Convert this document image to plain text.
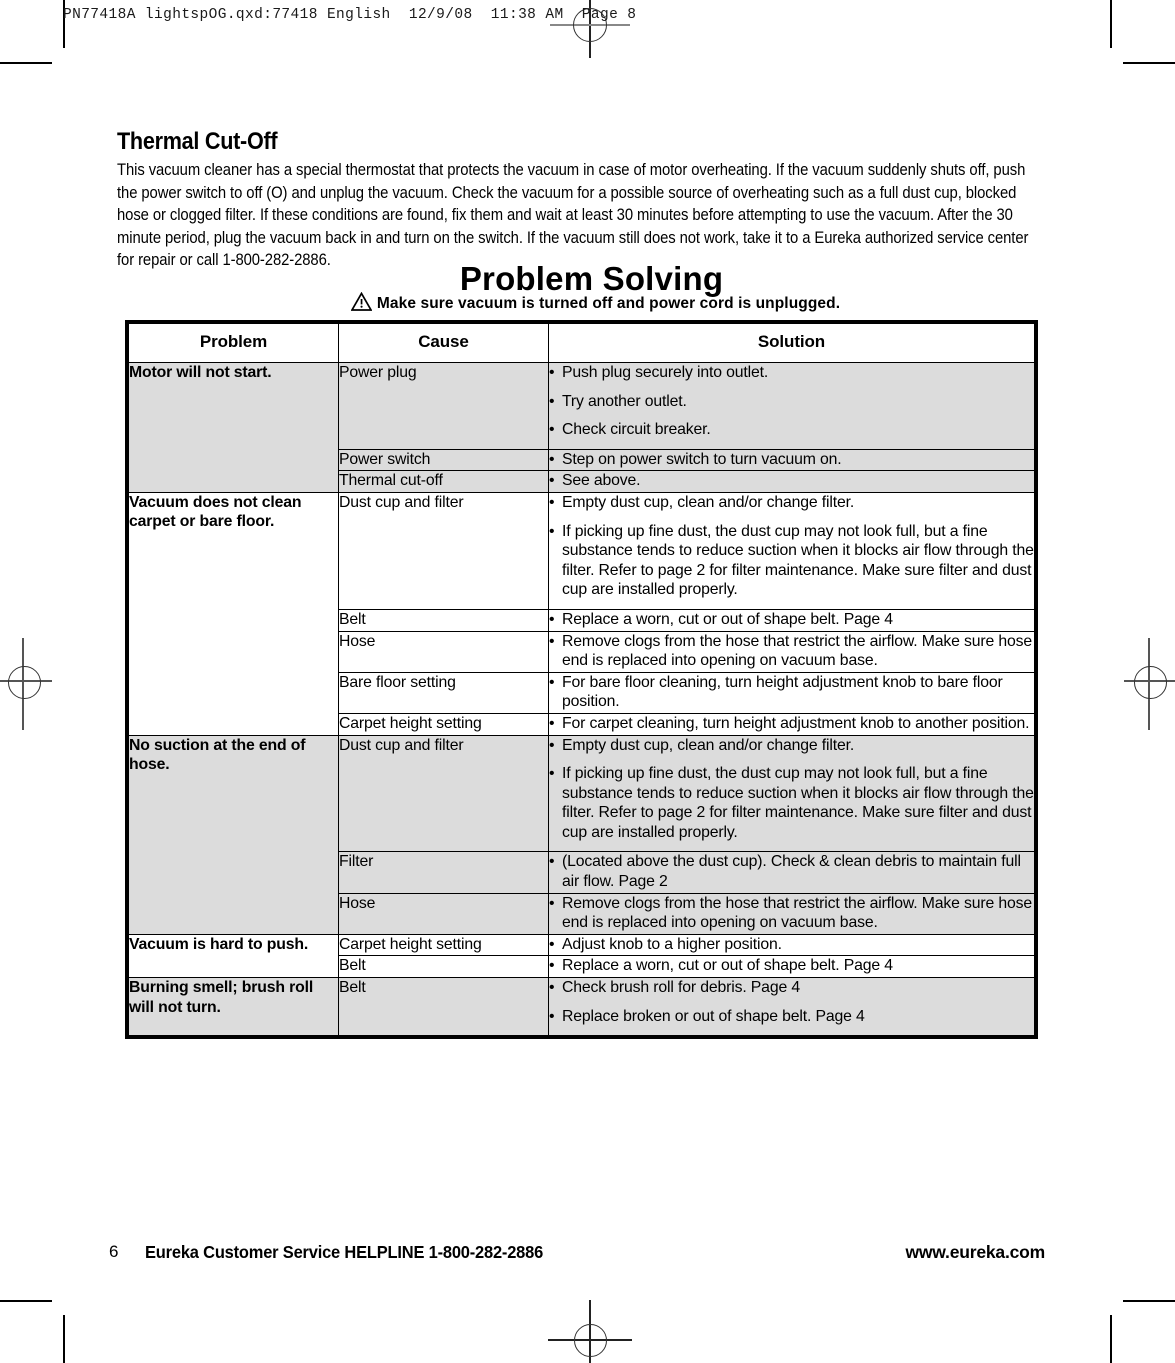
PN77418A lightspOG.qxd:77418 English  12/9/08  11:38 AM  Page 8
Thermal Cut-Off

This vacuum cleaner has a special thermostat that protects the vacuum in case of motor overheating. If the vacuum suddenly shuts off, push the power switch to off (O) and unplug the vacuum. Check the vacuum for a possible source of overheating such as a full dust cup, blocked hose or clogged filter. If these conditions are found, fix them and wait at least 30 minutes before attempting to use the vacuum. After the 30 minute period, plug the vacuum back in and turn on the switch. If the vacuum still does not work, take it to a Eureka authorized service center for repair or call 1-800-282-2886.	Problem Solving
Make sure vacuum is turned off and power cord is unplugged.
Problem	Cause	Solution
Motor will not start.	Power plug	• Push plug securely into outlet.
• Try another outlet.
• Check circuit breaker.

	Power switch	• Step on power switch to turn vacuum on.

	Thermal cut-off	• See above.

Vacuum does not clean carpet or bare floor.	Dust cup and filter	• Empty dust cup, clean and/or change filter.
• If picking up fine dust, the dust cup may not look full, but a fine substance tends to reduce suction when it blocks air flow through the filter. Refer to page 2 for filter maintenance. Make sure filter and dust cup are installed properly.

	Belt	• Replace a worn, cut or out of shape belt. Page 4

	Hose	• Remove clogs from the hose that restrict the airflow. Make sure hose end is replaced into opening on vacuum base.

	Bare floor setting	• For bare floor cleaning, turn height adjustment knob to bare floor position.

	Carpet height setting	• For carpet cleaning, turn height adjustment knob to another position.

No suction at the end of hose.	Dust cup and filter	• Empty dust cup, clean and/or change filter.
• If picking up fine dust, the dust cup may not look full, but a fine substance tends to reduce suction when it blocks air flow through the filter. Refer to page 2 for filter maintenance. Make sure filter and dust cup are installed properly.

	Filter	• (Located above the dust cup). Check & clean debris to maintain full air flow. Page 2

	Hose	• Remove clogs from the hose that restrict the airflow. Make sure hose end is replaced into opening on vacuum base.

Vacuum is hard to push.	Carpet height setting	• Adjust knob to a higher position.

	Belt	• Replace a worn, cut or out of shape belt. Page 4

Burning smell; brush roll will not turn.	Belt	• Check brush roll for debris. Page 4
• Replace broken or out of shape belt. Page 4
6 Eureka Customer Service HELPLINE 1-800-282-2886	www.eureka.com
